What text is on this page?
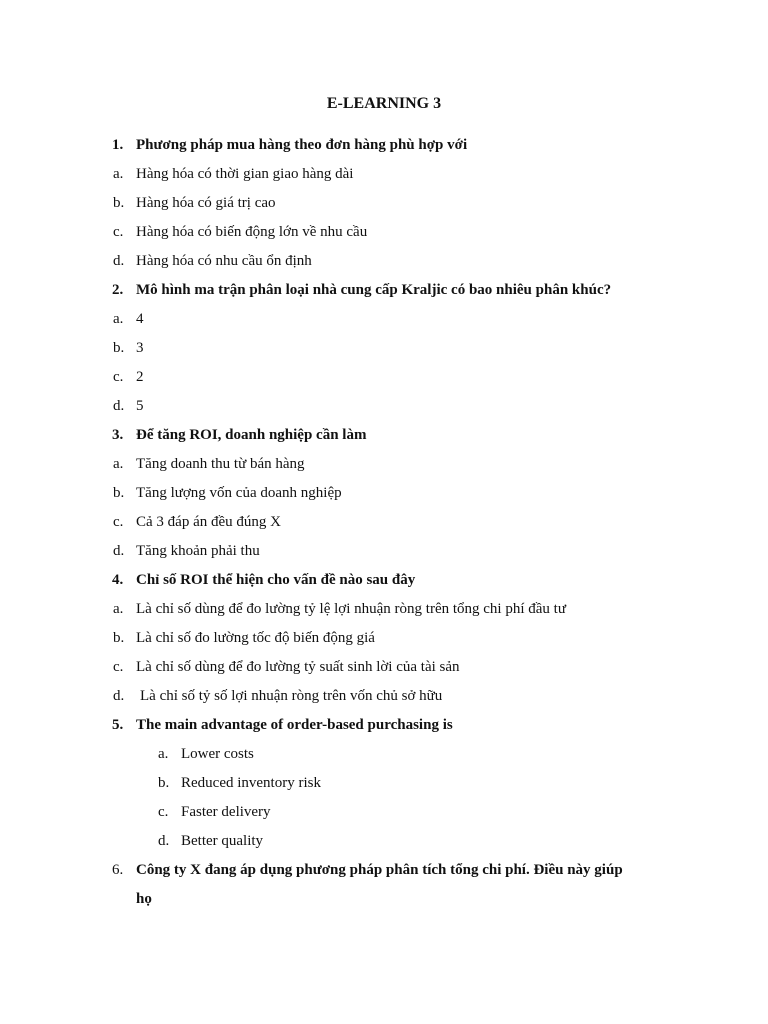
E-LEARNING 3
1. Phương pháp mua hàng theo đơn hàng phù hợp với
a. Hàng hóa có thời gian giao hàng dài
b. Hàng hóa có giá trị cao
c. Hàng hóa có biến động lớn về nhu cầu
d. Hàng hóa có nhu cầu ổn định
2. Mô hình ma trận phân loại nhà cung cấp Kraljic có bao nhiêu phân khúc?
a. 4
b. 3
c. 2
d. 5
3. Để tăng ROI, doanh nghiệp cần làm
a. Tăng doanh thu từ bán hàng
b. Tăng lượng vốn của doanh nghiệp
c. Cả 3 đáp án đều đúng X
d. Tăng khoản phải thu
4. Chỉ số ROI thể hiện cho vấn đề nào sau đây
a. Là chỉ số dùng để đo lường tỷ lệ lợi nhuận ròng trên tổng chi phí đầu tư
b. Là chỉ số đo lường tốc độ biến động giá
c. Là chỉ số dùng để đo lường tỷ suất sinh lời của tài sản
d. Là chỉ số tỷ số lợi nhuận ròng trên vốn chủ sở hữu
5. The main advantage of order-based purchasing is
a. Lower costs
b. Reduced inventory risk
c. Faster delivery
d. Better quality
6. Công ty X đang áp dụng phương pháp phân tích tổng chi phí. Điều này giúp
họ
